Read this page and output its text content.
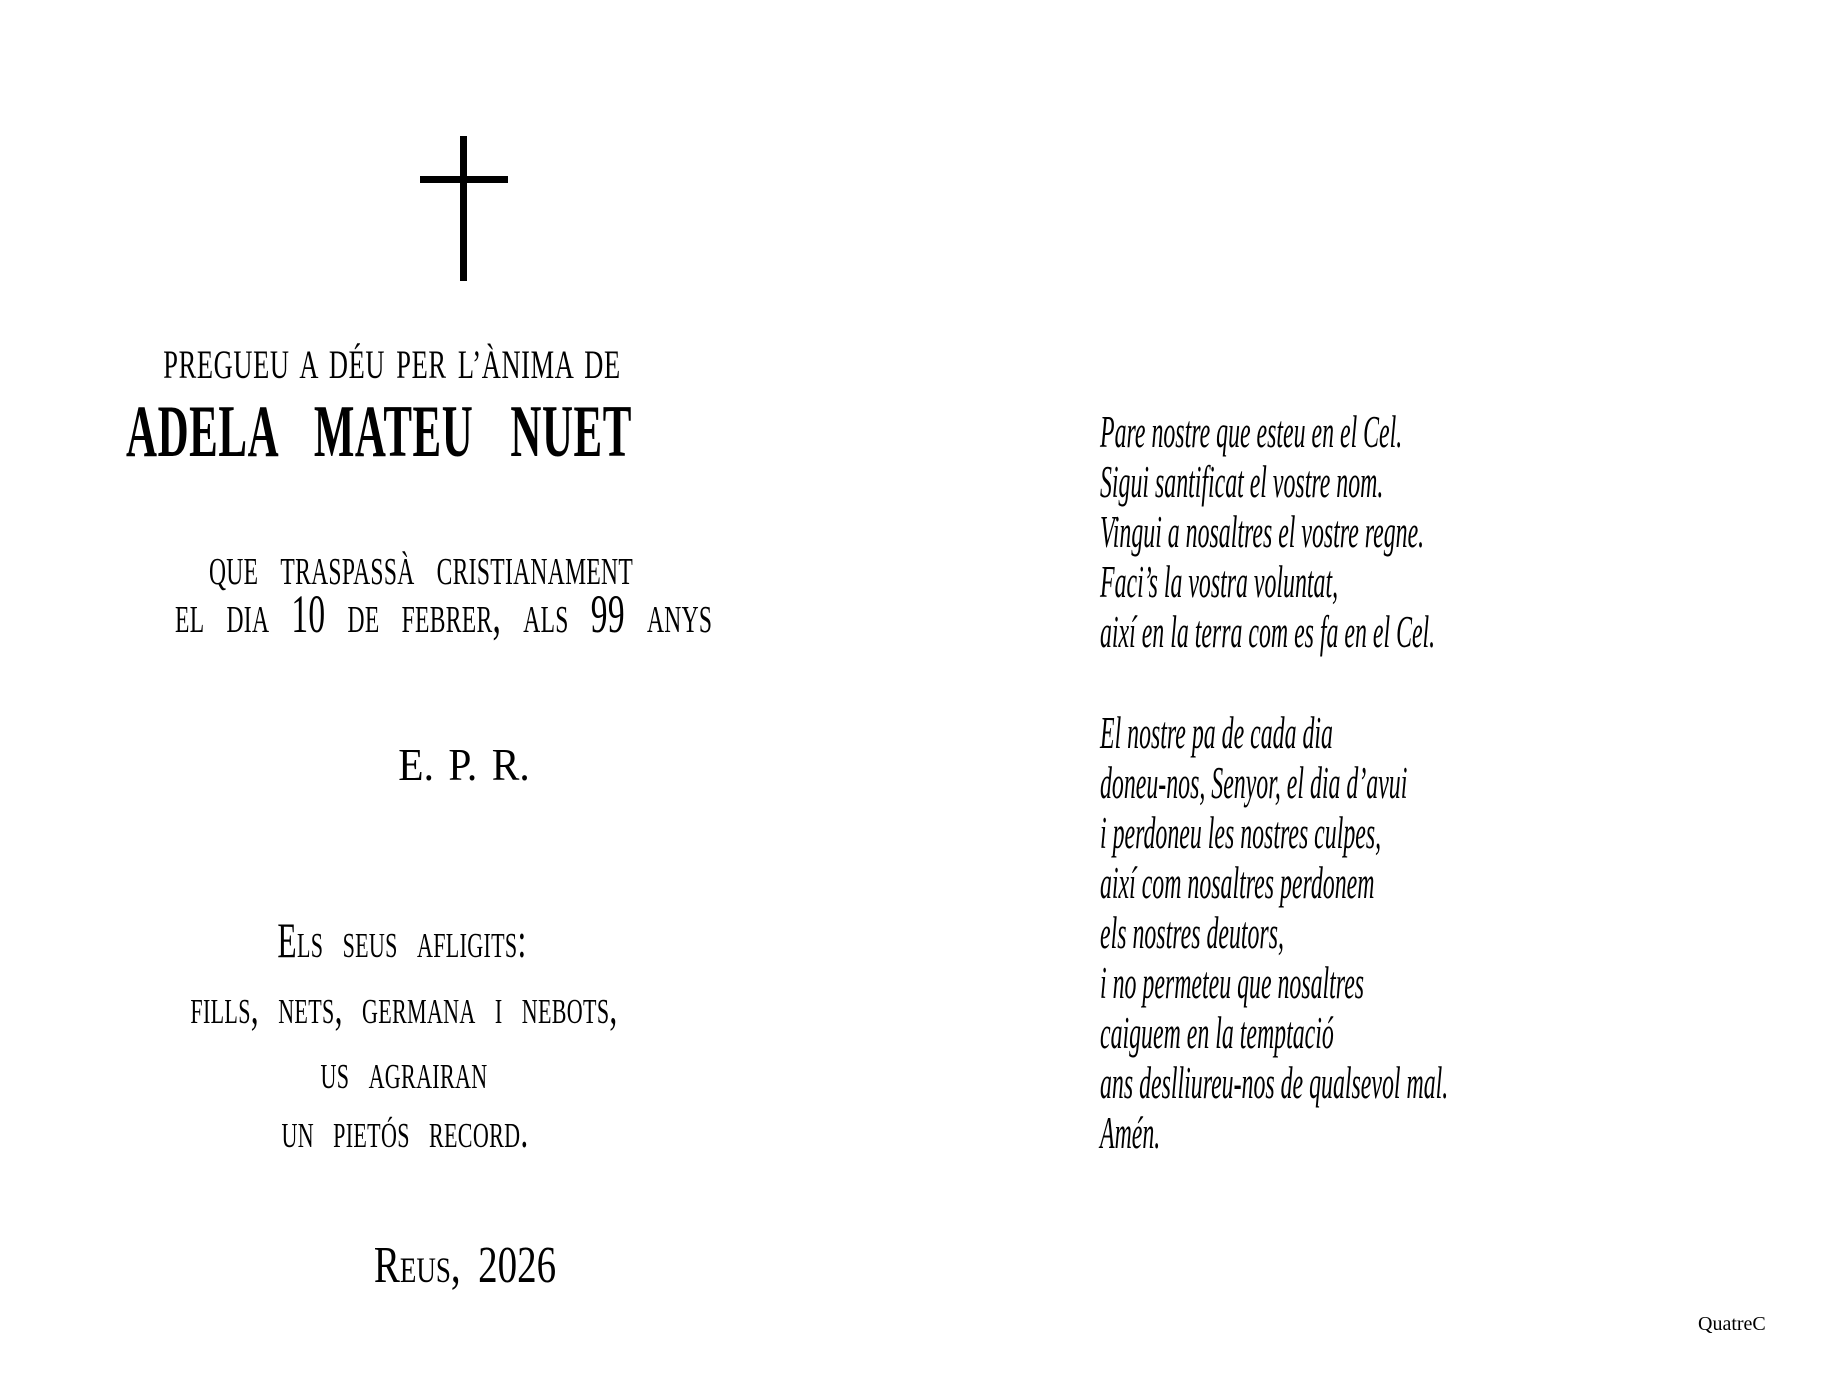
PREGUEU A DÉU PER L’ÀNIMA DE
ADELA MATEU NUET
que traspassà cristianament
el dia 10 de febrer, als 99 anys
E. P. R.
Els seus afligits:
fills, nets, germana i nebots,
us agrairan
un pietós record.
Reus, 2026
Pare nostre que esteu en el Cel.
Sigui santificat el vostre nom.
Vingui a nosaltres el vostre regne.
Faci’s la vostra voluntat,
així en la terra com es fa en el Cel.
El nostre pa de cada dia
doneu-nos, Senyor, el dia d’avui
i perdoneu les nostres culpes,
així com nosaltres perdonem
els nostres deutors,
i no permeteu que nosaltres
caiguem en la temptació
ans deslliureu-nos de qualsevol mal.
Amén.
QuatreC
